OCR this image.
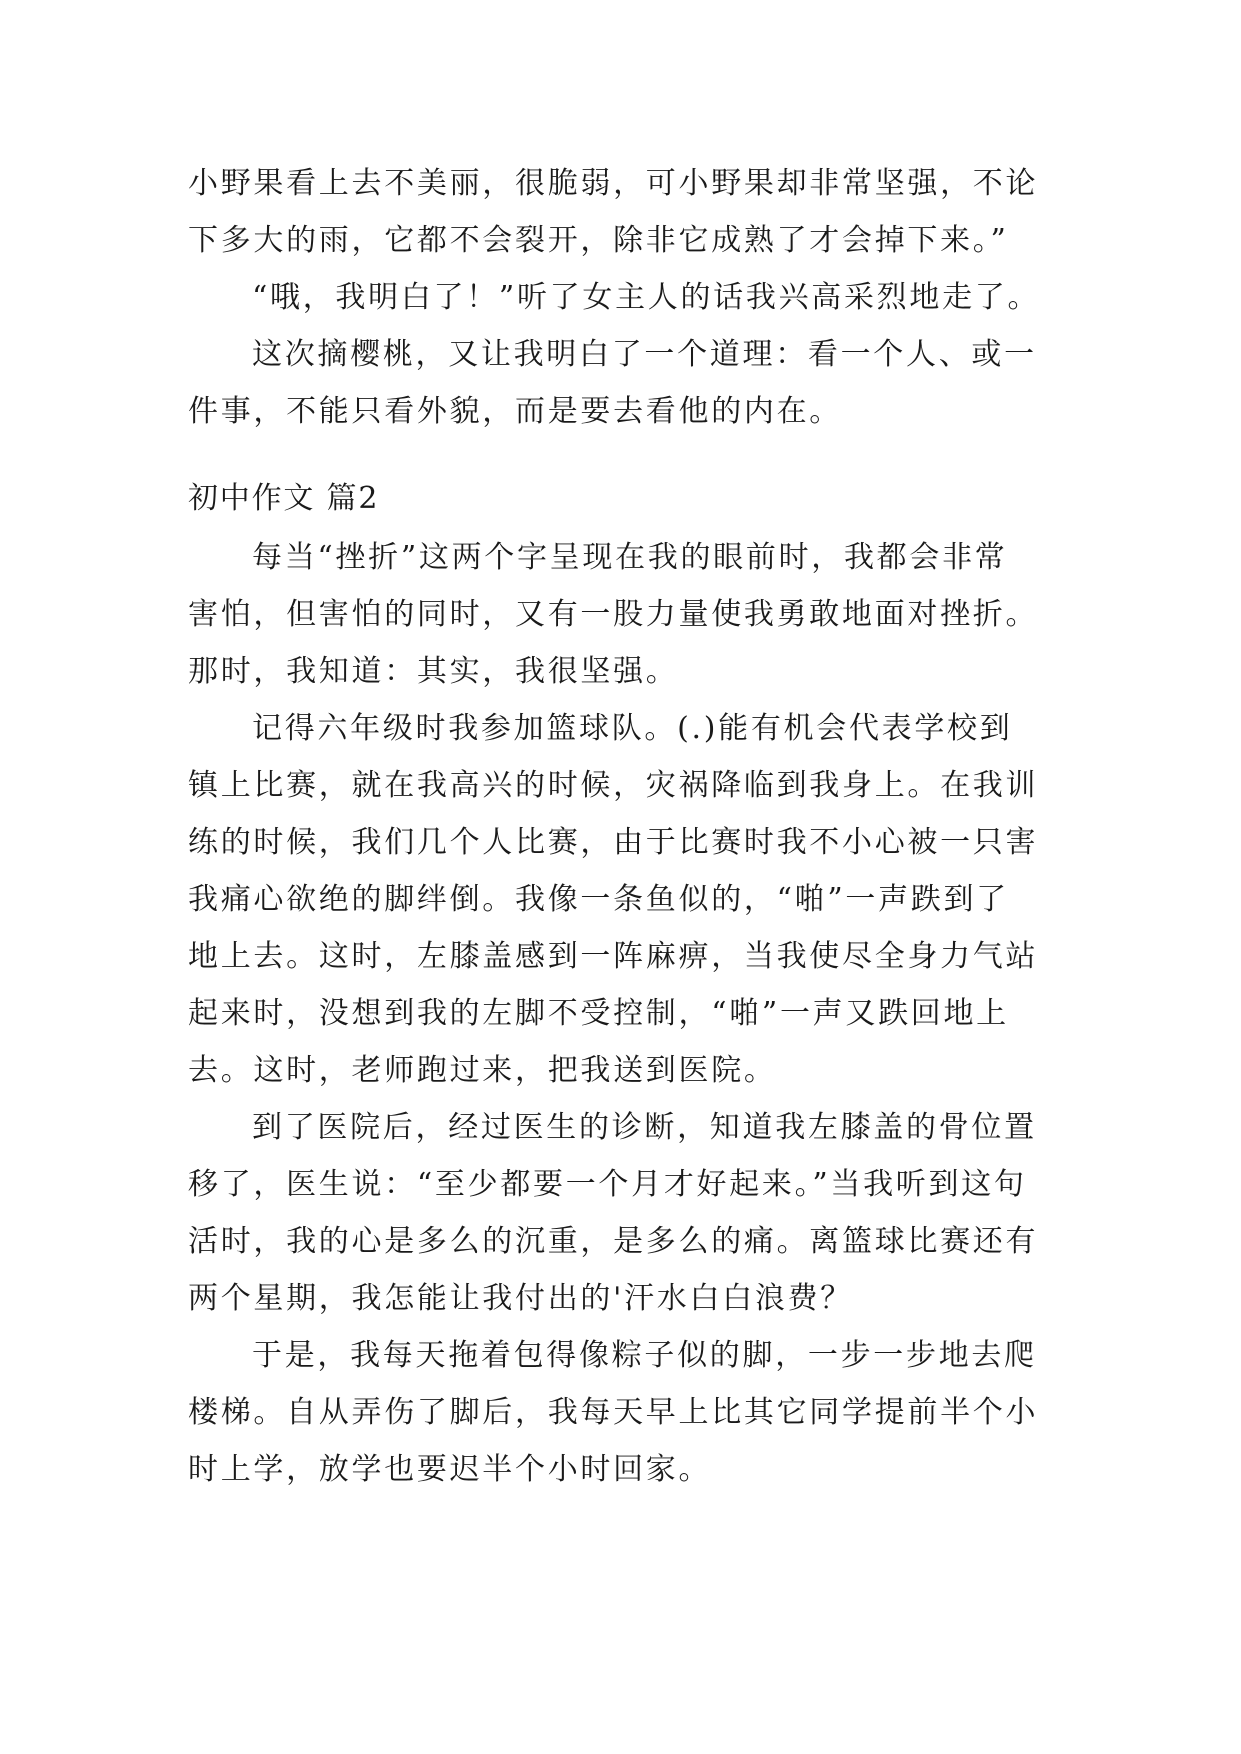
小野果看上去不美丽，很脆弱，可小野果却非常坚强，不论
下多大的雨，它都不会裂开，除非它成熟了才会掉下来。”
“哦，我明白了！”听了女主人的话我兴高采烈地走了。
这次摘樱桃，又让我明白了一个道理：看一个人、或一
件事，不能只看外貌，而是要去看他的内在。
初中作文 篇2
每当“挫折”这两个字呈现在我的眼前时，我都会非常
害怕，但害怕的同时，又有一股力量使我勇敢地面对挫折。
那时，我知道：其实，我很坚强。
记得六年级时我参加篮球队。(.)能有机会代表学校到
镇上比赛，就在我高兴的时候，灾祸降临到我身上。在我训
练的时候，我们几个人比赛，由于比赛时我不小心被一只害
我痛心欲绝的脚绊倒。我像一条鱼似的，“啪”一声跌到了
地上去。这时，左膝盖感到一阵麻痹，当我使尽全身力气站
起来时，没想到我的左脚不受控制，“啪”一声又跌回地上
去。这时，老师跑过来，把我送到医院。
到了医院后，经过医生的诊断，知道我左膝盖的骨位置
移了，医生说：“至少都要一个月才好起来。”当我听到这句
活时，我的心是多么的沉重，是多么的痛。离篮球比赛还有
两个星期，我怎能让我付出的'汗水白白浪费？
于是，我每天拖着包得像粽子似的脚，一步一步地去爬
楼梯。自从弄伤了脚后，我每天早上比其它同学提前半个小
时上学，放学也要迟半个小时回家。
